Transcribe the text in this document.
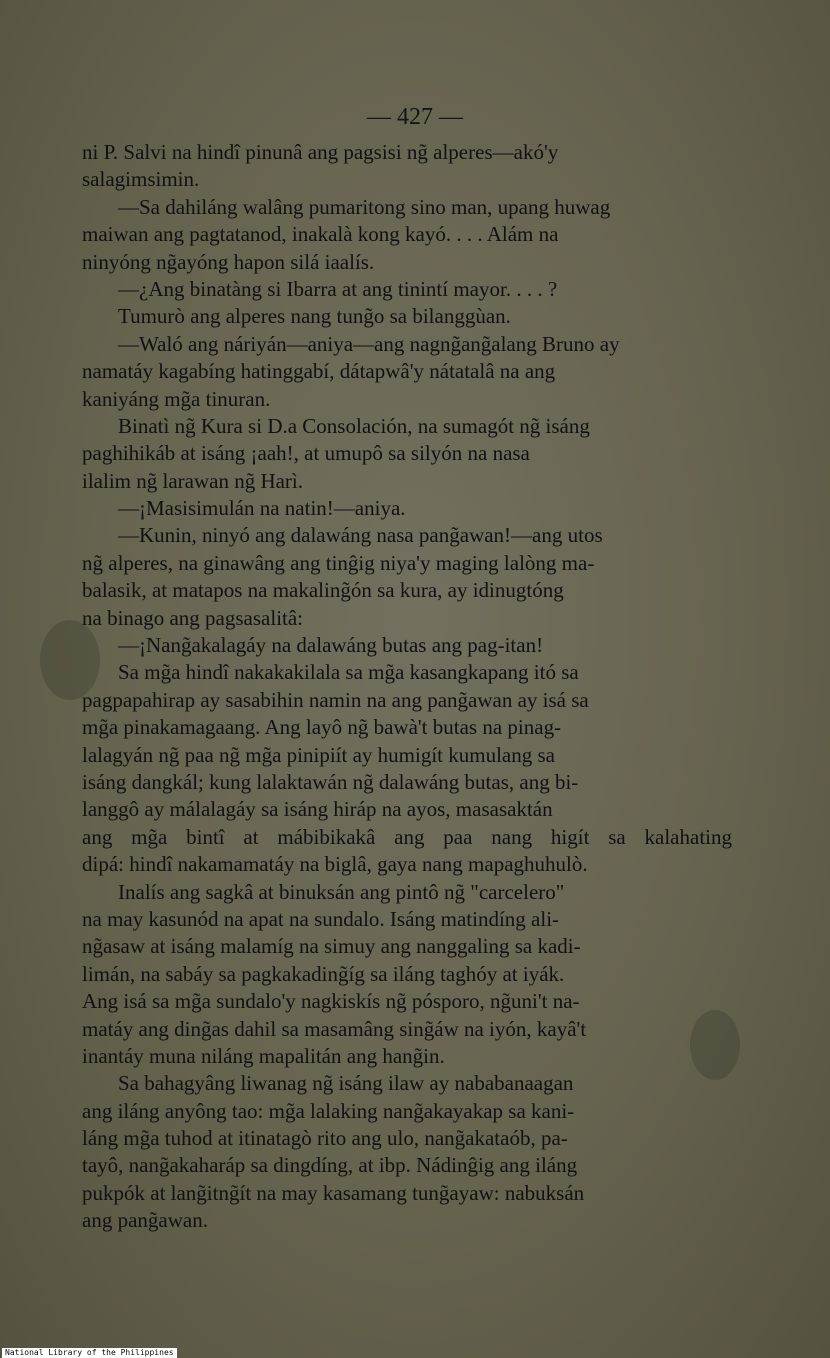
— 427 —
ni P. Salvi na hindî pinunâ ang pagsisi ng̃ alperes—akó'y
salagimsimin.
—Sa dahiláng walâng pumaritong sino man, upang huwag
maiwan ang pagtatanod, inakalà kong kayó. . . . Alám na
ninyóng ng̃ayóng hapon silá iaalís.
—¿Ang binatàng si Ibarra at ang tinintí mayor. . . . ?
Tumurò ang alperes nang tung̃o sa bilanggùan.
—Waló ang náriyán—aniya—ang nagng̃ang̃alang Bruno ay
namatáy kagabíng hatinggabí, dátapwâ'y nátatalâ na ang
kaniyáng mg̃a tinuran.
Binatì ng̃ Kura si D.a Consolación, na sumagót ng̃ isáng
paghihikáb at isáng ¡aah!, at umupô sa silyón na nasa
ilalim ng̃ larawan ng̃ Harì.
—¡Masisimulán na natin!—aniya.
—Kunin, ninyó ang dalawáng nasa pang̃awan!—ang utos
ng̃ alperes, na ginawâng ang tinĝig niya'y maging lalòng ma-
balasik, at matapos na makaling̃ón sa kura, ay idinugtóng
na binago ang pagsasalitâ:
—¡Nang̃akalagáy na dalawáng butas ang pag-itan!
Sa mg̃a hindî nakakakilala sa mg̃a kasangkapang itó sa
pagpapahirap ay sasabihin namin na ang pang̃awan ay isá sa
mg̃a pinakamagaang. Ang layô ng̃ bawà't butas na pinag-
lalagyán ng̃ paa ng̃ mg̃a pinipiít ay humigít kumulang sa
isáng dangkál; kung lalaktawán ng̃ dalawáng butas, ang bi-
langgô ay málalagáy sa isáng hiráp na ayos, masasaktán
ang mg̃a bintî at mábibikakâ ang paa nang higít sa kalahating
dipá: hindî nakamamatáy na biglâ, gaya nang mapaghuhulò.
Inalís ang sagkâ at binuksán ang pintô ng̃ "carcelero"
na may kasunód na apat na sundalo. Isáng matindíng ali-
ng̃asaw at isáng malamíg na simuy ang nanggaling sa kadi-
limán, na sabáy sa pagkakading̃íg sa iláng taghóy at iyák.
Ang isá sa mg̃a sundalo'y nagkiskís ng̃ pósporo, ng̃uni't na-
matáy ang ding̃as dahil sa masamâng sing̃áw na iyón, kayâ't
inantáy muna niláng mapalitán ang hang̃in.
Sa bahagyâng liwanag ng̃ isáng ilaw ay nababanaagan
ang iláng anyông tao: mg̃a lalaking nang̃akayakap sa kani-
láng mg̃a tuhod at itinatagò rito ang ulo, nang̃akataób, pa-
tayô, nang̃akaharáp sa dingdíng, at ibp. Nádinĝig ang iláng
pukpók at lang̃itng̃ít na may kasamang tung̃ayaw: nabuksán
ang pang̃awan.
National Library of the Philippines
